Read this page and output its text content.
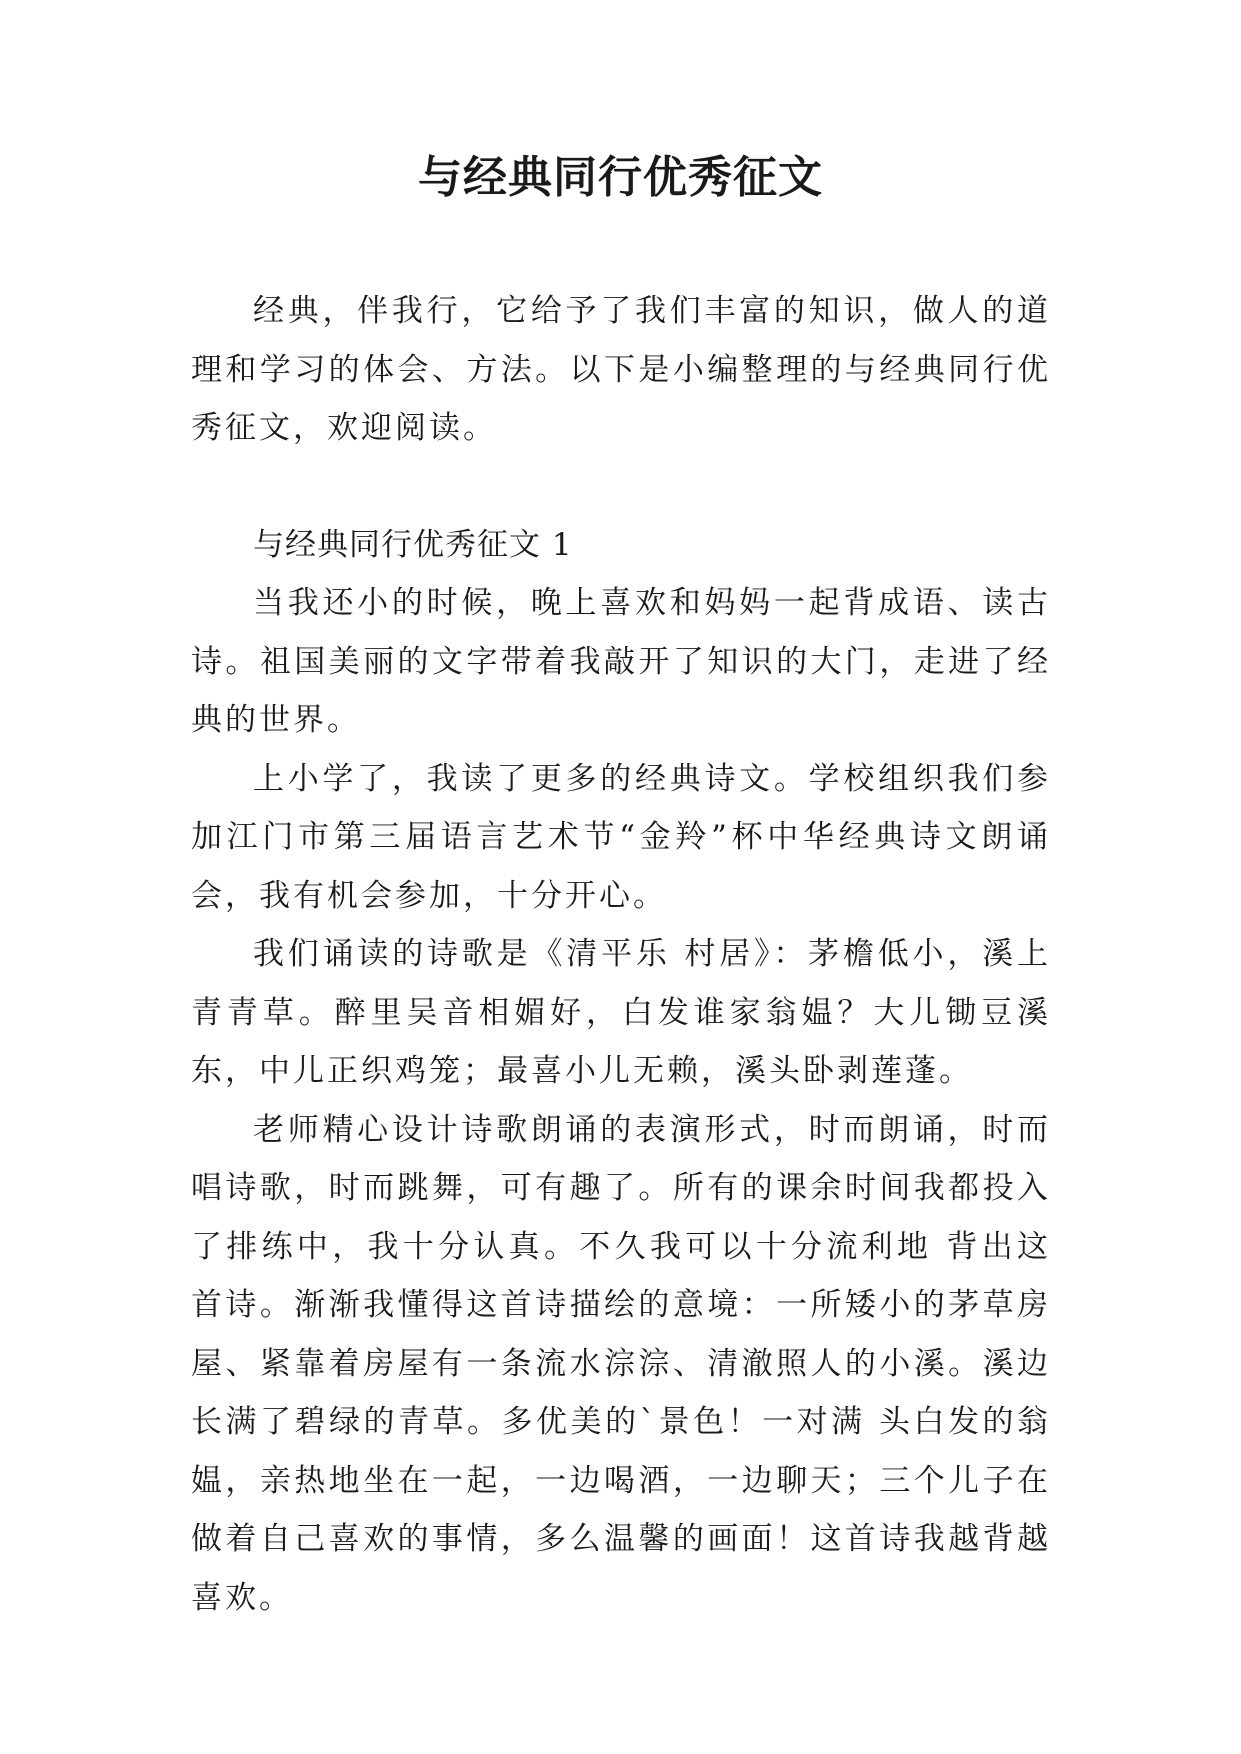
与经典同行优秀征文

经典，伴我行，它给予了我们丰富的知识，做人的道理和学习的体会、方法。以下是小编整理的与经典同行优秀征文，欢迎阅读。

与经典同行优秀征文 1

当我还小的时候，晚上喜欢和妈妈一起背成语、读古诗。祖国美丽的文字带着我敲开了知识的大门，走进了经典的世界。

上小学了，我读了更多的经典诗文。学校组织我们参加江门市第三届语言艺术节“金羚”杯中华经典诗文朗诵会，我有机会参加，十分开心。

我们诵读的诗歌是《清平乐 村居》：茅檐低小，溪上青青草。醉里吴音相媚好，白发谁家翁媪？大儿锄豆溪东，中儿正织鸡笼；最喜小儿无赖，溪头卧剥莲蓬。

老师精心设计诗歌朗诵的表演形式，时而朗诵，时而唱诗歌，时而跳舞，可有趣了。所有的课余时间我都投入了排练中，我十分认真。不久我可以十分流利地 背出这首诗。渐渐我懂得这首诗描绘的意境：一所矮小的茅草房屋、紧靠着房屋有一条流水淙淙、清澈照人的小溪。溪边长满了碧绿的青草。多优美的`景色！一对满 头白发的翁媪，亲热地坐在一起，一边喝酒，一边聊天；三个儿子在做着自己喜欢的事情，多么温馨的画面！这首诗我越背越喜欢。
